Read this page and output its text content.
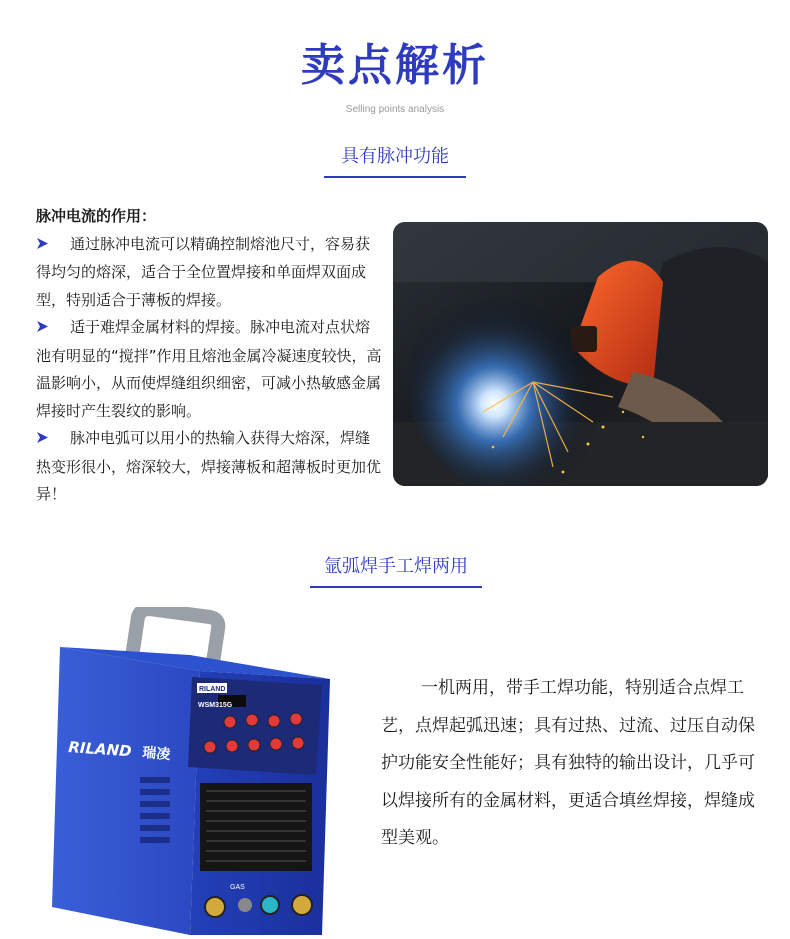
卖点解析
Selling points analysis
具有脉冲功能
脉冲电流的作用：
通过脉冲电流可以精确控制熔池尺寸，容易获得均匀的熔深，适合于全位置焊接和单面焊双面成型，特别适合于薄板的焊接。
适于难焊金属材料的焊接。脉冲电流对点状熔池有明显的“搅拌”作用且熔池金属冷凝速度较快，高温影响小，从而使焊缝组织细密，可减小热敏感金属焊接时产生裂纹的影响。
脉冲电弧可以用小的热输入获得大熔深，焊缝热变形很小，熔深较大，焊接薄板和超薄板时更加优异！
氩弧焊手工焊两用
RILAND 瑞凌
RILAND
WSM315G
GAS
一机两用，带手工焊功能，特别适合点焊工艺，点焊起弧迅速；具有过热、过流、过压自动保护功能安全性能好；具有独特的输出设计，几乎可以焊接所有的金属材料，更适合填丝焊接，焊缝成型美观。
